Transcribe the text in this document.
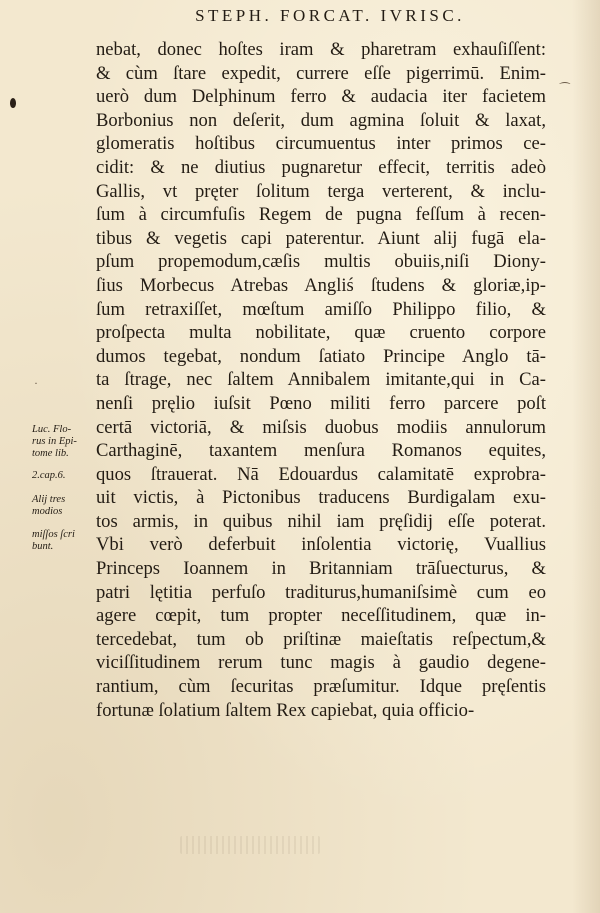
⁀
·
STEPH. FORCAT. IVRISC.
nebat, donec hoſtes iram & pharetram exhauſiſſent:
& cùm ſtare expedit, currere eſſe pigerrimū. Enim-
uerò dum Delphinum ferro & audacia iter facietem
Borbonius non deſerit, dum agmina ſoluit & laxat,
glomeratis hoſtibus circumuentus inter primos ce-
cidit: & ne diutius pugnaretur effecit, territis adeò
Gallis, vt pręter ſolitum terga verterent, & inclu-
ſum à circumfuſis Regem de pugna feſſum à recen-
tibus & vegetis capi paterentur. Aiunt alij fugā ela-
pſum propemodum,cæſis multis obuiis,niſi Diony-
ſius Morbecus Atrebas Angliś ſtudens & gloriæ,ip-
ſum retraxiſſet, mœſtum amiſſo Philippo filio, &
proſpecta multa nobilitate, quæ cruento corpore
dumos tegebat, nondum ſatiato Principe Anglo tā-
ta ſtrage, nec ſaltem Annibalem imitante,qui in Ca-
nenſi pręlio iuſsit Pœno militi ferro parcere poſt
certā victoriā, & miſsis duobus modiis annulorum
Carthaginē, taxantem menſura Romanos equites,
quos ſtrauerat. Nā Edouardus calamitatē exprobra-
uit victis, à Pictonibus traducens Burdigalam exu-
tos armis, in quibus nihil iam pręſidij eſſe poterat.
Vbi verò deferbuit inſolentia victorię, Vuallius
Princeps Ioannem in Britanniam trāſuecturus, &
patri lętitia perfuſo traditurus,humaniſsimè cum eo
agere cœpit, tum propter neceſſitudinem, quæ in-
tercedebat, tum ob priſtinæ maieſtatis reſpectum,&
viciſſitudinem rerum tunc magis à gaudio degene-
rantium, cùm ſecuritas præſumitur. Idque pręſentis
fortunæ ſolatium ſaltem Rex capiebat, quia officio-
Luc. Flo-
rus in Epi-
tome lib.
2.cap.6.
Alij tres
modios
miſſos ſcri
bunt.
